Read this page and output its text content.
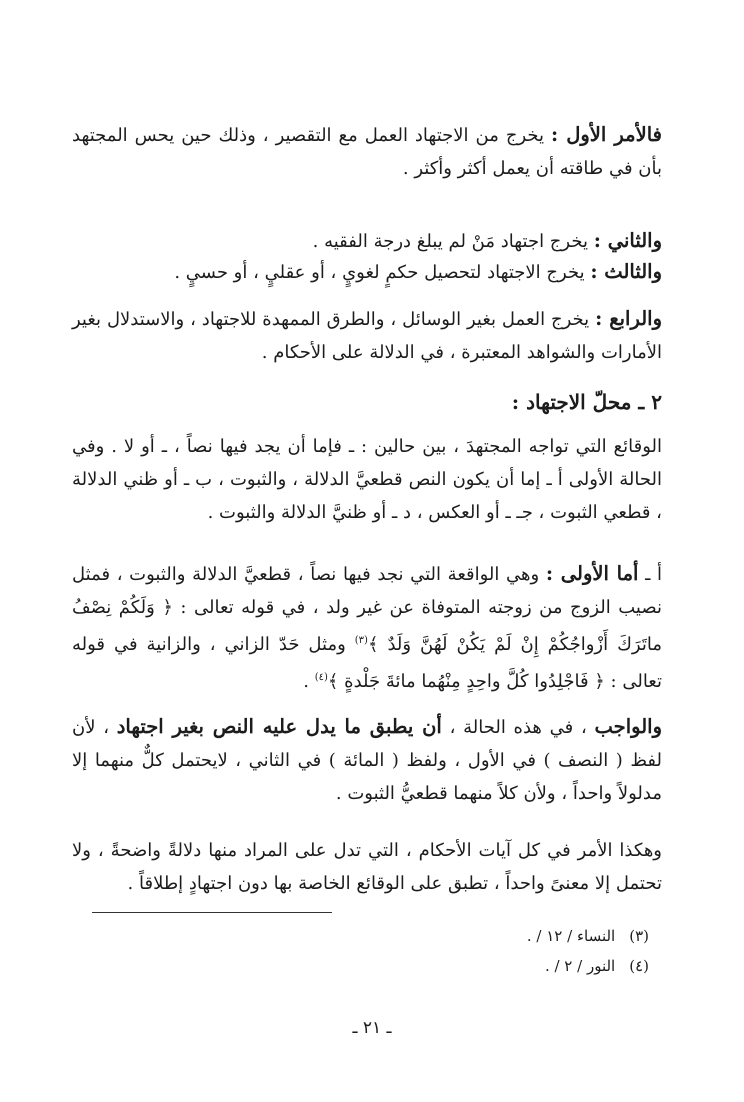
فالأمر الأول : يخرج من الاجتهاد العمل مع التقصير ، وذلك حين يحس المجتهد بأن في طاقته أن يعمل أكثر وأكثر .

والثاني : يخرج اجتهاد مَنْ لم يبلغ درجة الفقيه .

والثالث : يخرج الاجتهاد لتحصيل حكمٍ لغويٍ ، أو عقليٍ ، أو حسيٍ .

والرابع : يخرج العمل بغير الوسائل ، والطرق الممهدة للاجتهاد ، والاستدلال بغير الأمارات والشواهد المعتبرة ، في الدلالة على الأحكام .

٢ ـ محلّ الاجتهاد :

الوقائع التي تواجه المجتهدَ ، بين حالين : ـ فإما أن يجد فيها نصاً ، ـ أو لا . وفي الحالة الأولى أ ـ إما أن يكون النص قطعيَّ الدلالة ، والثبوت ، ب ـ أو ظني الدلالة ، قطعي الثبوت ، جـ ـ أو العكس ، د ـ أو ظنيَّ الدلالة والثبوت .

أ ـ أما الأولى : وهي الواقعة التي نجد فيها نصاً ، قطعيَّ الدلالة والثبوت ، فمثل نصيب الزوج من زوجته المتوفاة عن غير ولد ، في قوله تعالى : ﴿ وَلَكُمْ نِصْفُ ماتَرَكَ أَزْواجُكُمْ إِنْ لَمْ يَكُنْ لَهُنَّ وَلَدٌ ﴾$^{(٣)}$ ومثل حَدّ الزاني ، والزانية في قوله تعالى : ﴿ فَاجْلِدُوا كُلَّ واحِدٍ مِنْهُما مائةَ جَلْدةٍ ﴾$^{(٤)}$ .

والواجب ، في هذه الحالة ، أن يطبق ما يدل عليه النص بغير اجتهاد ، لأن لفظ ( النصف ) في الأول ، ولفظ ( المائة ) في الثاني ، لايحتمل كلٌّ منهما إلا مدلولاً واحداً ، ولأن كلاً منهما قطعيُّ الثبوت .

وهكذا الأمر في كل آيات الأحكام ، التي تدل على المراد منها دلالةً واضحةً ، ولا تحتمل إلا معنىً واحداً ، تطبق على الوقائع الخاصة بها دون اجتهادٍ إطلاقاً .

(٣)النساء / ١٢ / .

(٤)النور / ٢ / .

ـ ٢١ ـ
